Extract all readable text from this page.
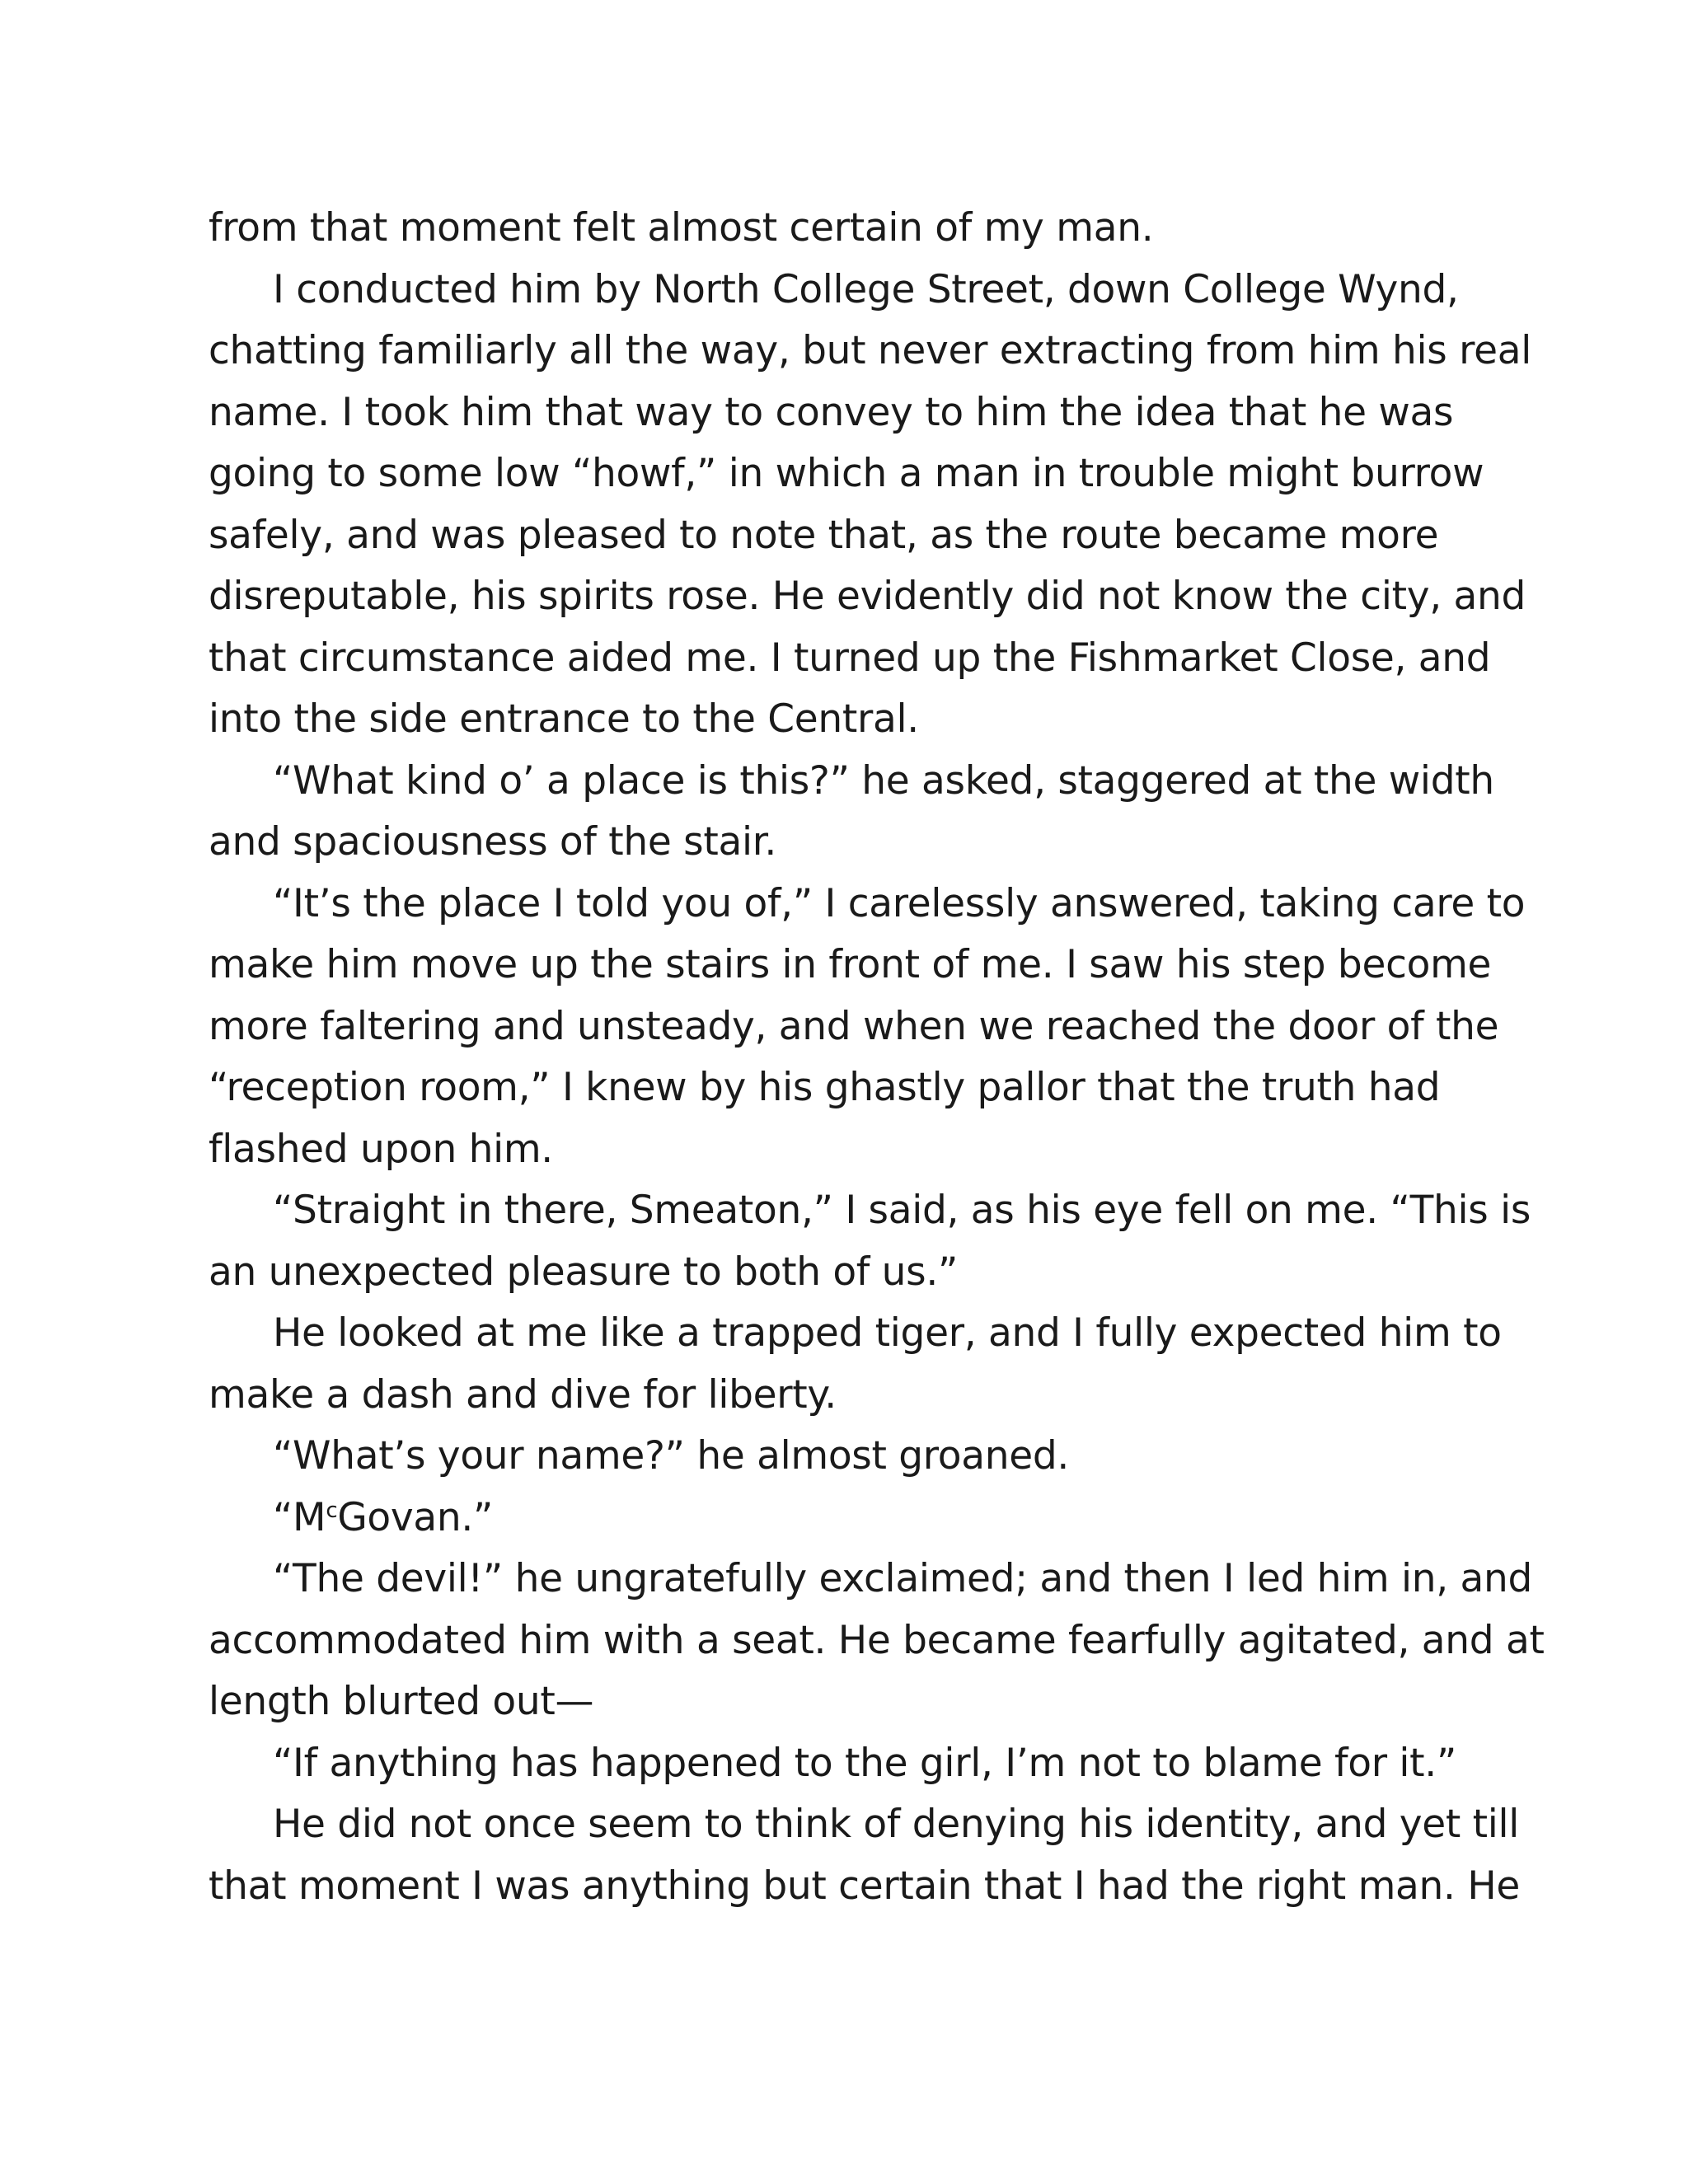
from that moment felt almost certain of my man.
I conducted him by North College Street, down College Wynd,
chatting familiarly all the way, but never extracting from him his real
name. I took him that way to convey to him the idea that he was
going to some low “howf,” in which a man in trouble might burrow
safely, and was pleased to note that, as the route became more
disreputable, his spirits rose. He evidently did not know the city, and
that circumstance aided me. I turned up the Fishmarket Close, and
into the side entrance to the Central.
“What kind o’ a place is this?” he asked, staggered at the width
and spaciousness of the stair.
“It’s the place I told you of,” I carelessly answered, taking care to
make him move up the stairs in front of me. I saw his step become
more faltering and unsteady, and when we reached the door of the
“reception room,” I knew by his ghastly pallor that the truth had
flashed upon him.
“Straight in there, Smeaton,” I said, as his eye fell on me. “This is
an unexpected pleasure to both of us.”
He looked at me like a trapped tiger, and I fully expected him to
make a dash and dive for liberty.
“What’s your name?” he almost groaned.
“$M^cGovan$.”
“The devil!” he ungratefully exclaimed; and then I led him in, and
accommodated him with a seat. He became fearfully agitated, and at
length blurted out—
“If anything has happened to the girl, I’m not to blame for it.”
He did not once seem to think of denying his identity, and yet till
that moment I was anything but certain that I had the right man. He
